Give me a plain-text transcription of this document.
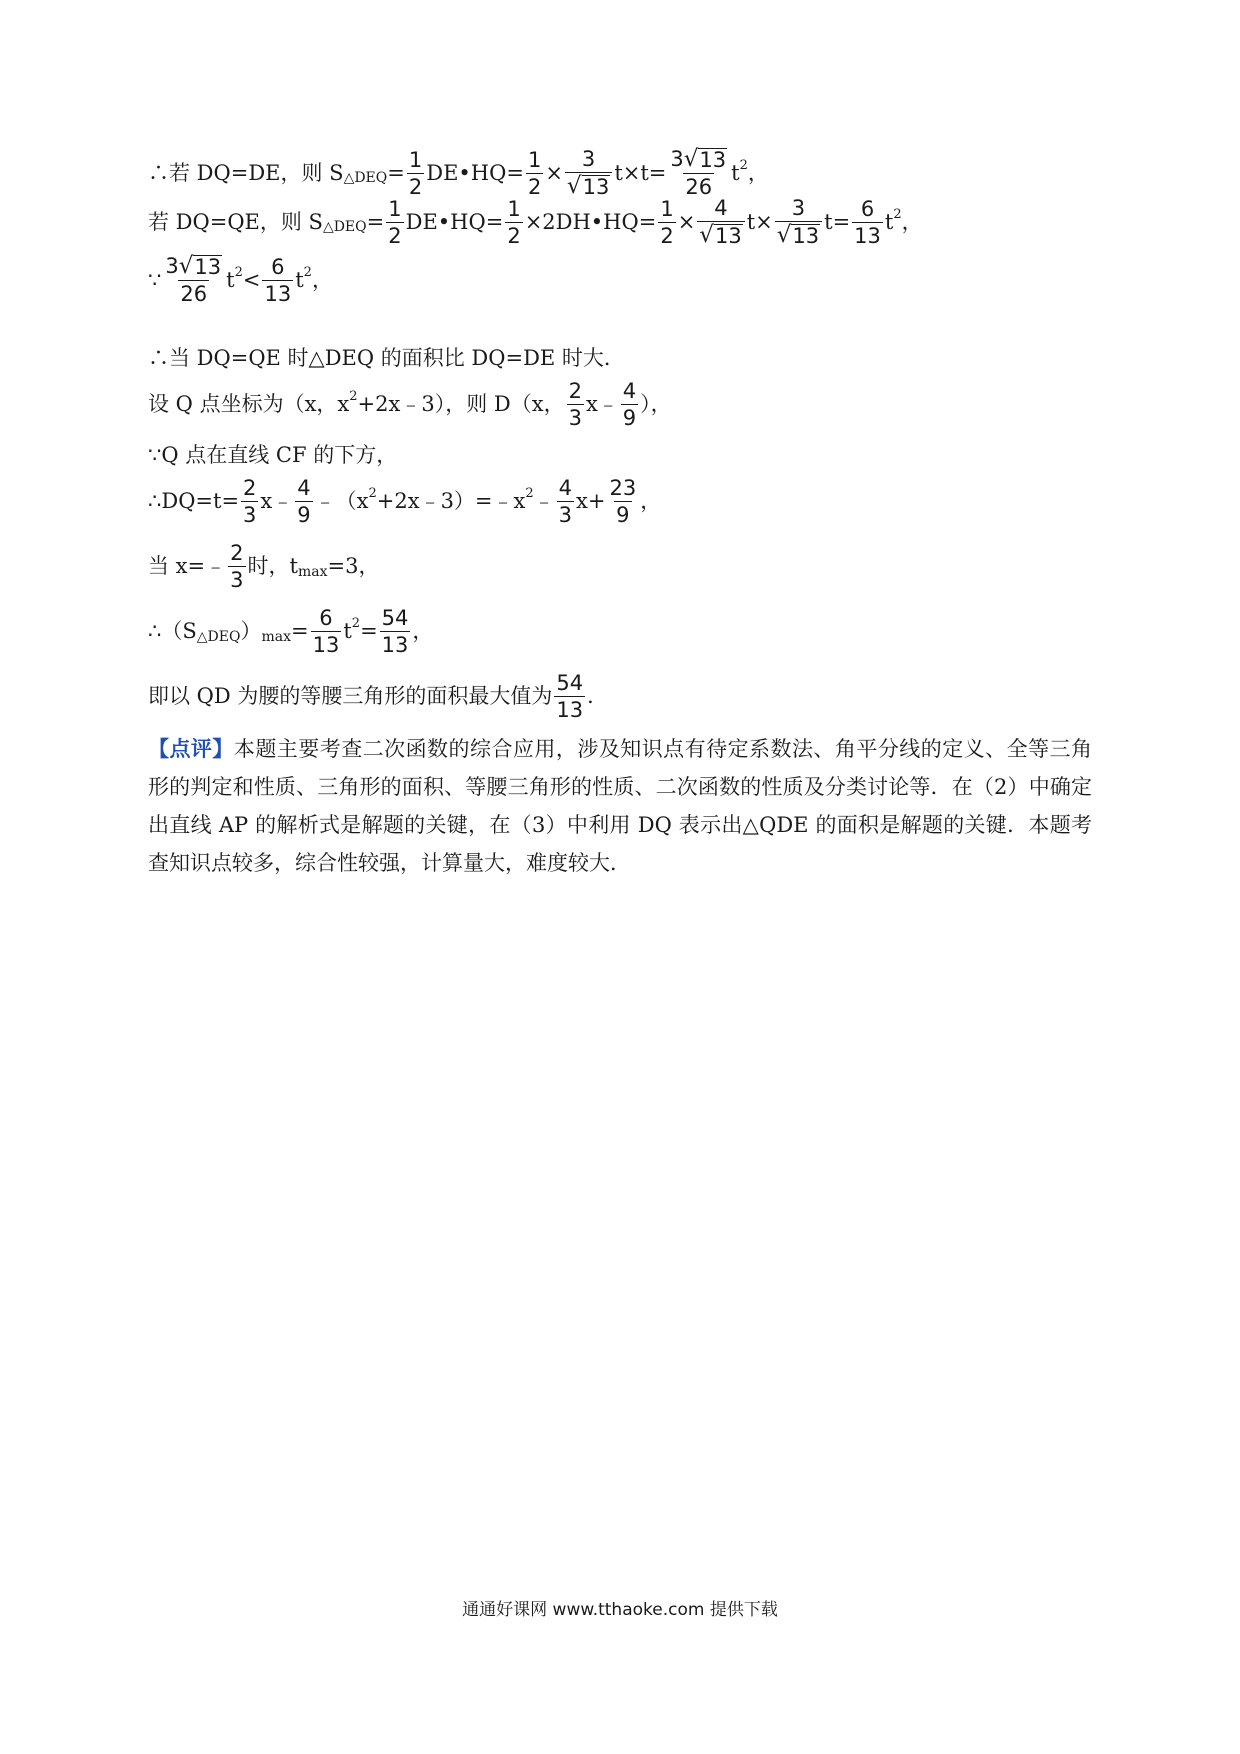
∴若 DQ=DE，则 S △DEQ = $\frac{1}{2}$ DE•HQ= $\frac{1}{2} \times \frac{3}{√ 13} t\times t= \frac{3 √ 13}{26}$ t 2 ，
若 DQ=QE，则 S △DEQ = $\frac{1}{2}$ DE•HQ= $\frac{1}{2}$ ×2DH•HQ= $\frac{1}{2} \times \frac{4}{√ 13} t\times \frac{3}{√ 13} t= \frac{6}{13}$ t 2 ，
∵ $\frac{3 √ 13}{26}$ t $2 < \frac{6}{13}$ t 2 ，
∴当 DQ=QE 时△DEQ 的面积比 DQ=DE 时大．
设 Q 点坐标为（x，x 2 +2x﹣3），则 D（x， $\frac{2}{3}$ x﹣ $\frac{4}{9}$ ），
∵Q 点在直线 CF 的下方，
∴DQ=t= $\frac{2}{3}$ x﹣ $\frac{4}{9}$ ﹣（x 2 +2x﹣3）=﹣x 2 ﹣ $\frac{4}{3} x+ \frac{23}{9}$ ，
当 x=﹣ $\frac{2}{3}$ 时，t max =3，
∴（S △DEQ ） $\max = \frac{6}{13}$ t $2 = \frac{54}{13}$ ，
即以 QD 为腰的等腰三角形的面积最大值为 $\frac{54}{13}$ ．
【点评】本题主要考查二次函数的综合应用，涉及知识点有待定系数法、角平分线的定义、全等三角形的判定和性质、三角形的面积、等腰三角形的性质、二次函数的性质及分类讨论等．在（2）中确定出直线 AP 的解析式是解题的关键，在（3）中利用 DQ 表示出△QDE 的面积是解题的关键．本题考查知识点较多，综合性较强，计算量大，难度较大．
通通好课网 www.tthaoke.com 提供下载
